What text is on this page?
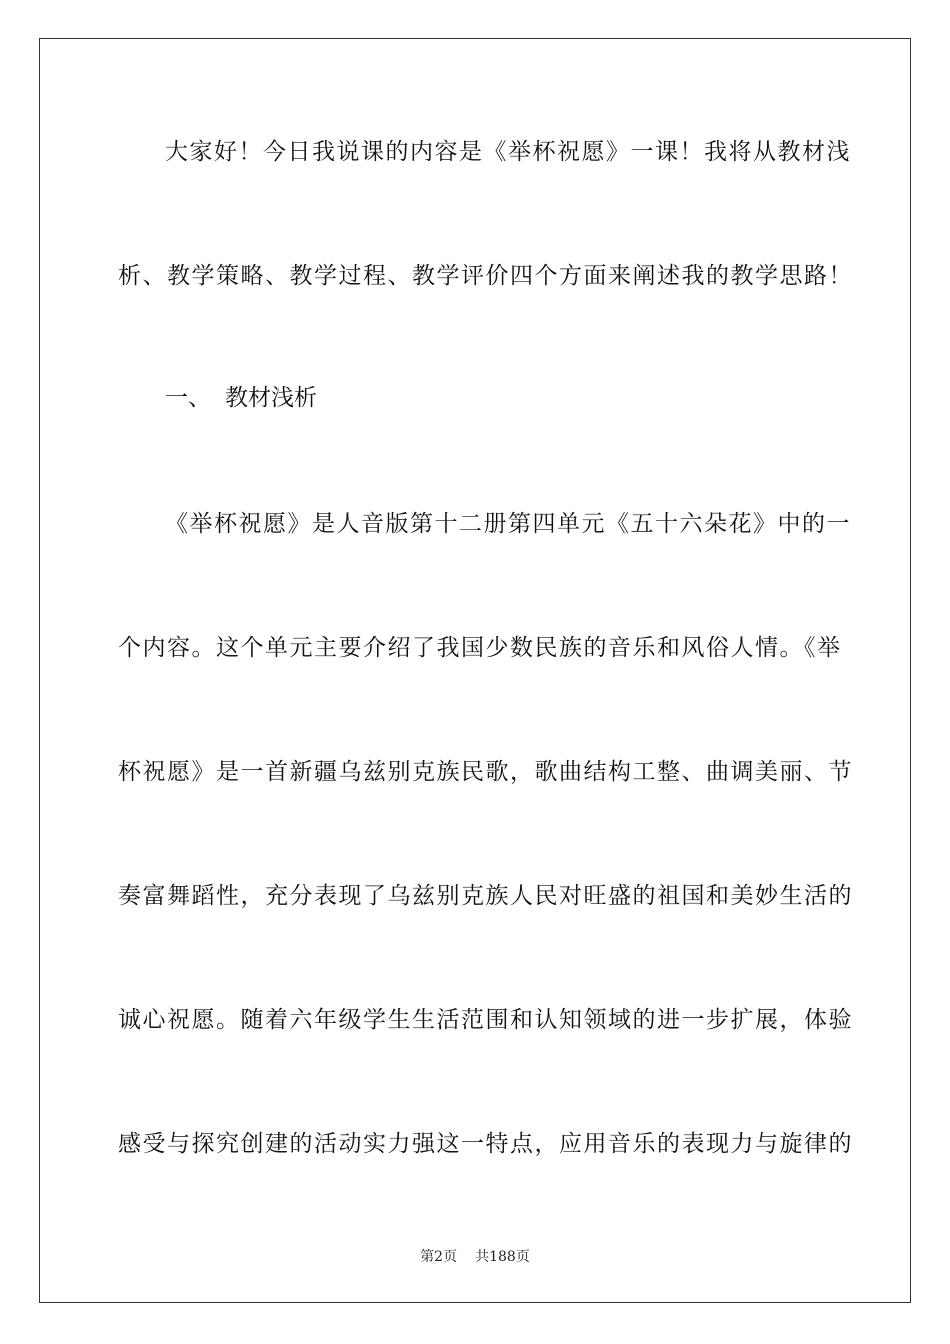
大家好！今日我说课的内容是《举杯祝愿》一课！我将从教材浅
析、教学策略、教学过程、教学评价四个方面来阐述我的教学思路！
一、 教材浅析
《举杯祝愿》是人音版第十二册第四单元《五十六朵花》中的一
个内容。这个单元主要介绍了我国少数民族的音乐和风俗人情。《举
杯祝愿》是一首新疆乌兹别克族民歌，歌曲结构工整、曲调美丽、节
奏富舞蹈性，充分表现了乌兹别克族人民对旺盛的祖国和美妙生活的
诚心祝愿。随着六年级学生生活范围和认知领域的进一步扩展，体验
感受与探究创建的活动实力强这一特点，应用音乐的表现力与旋律的
第2页 共188页
